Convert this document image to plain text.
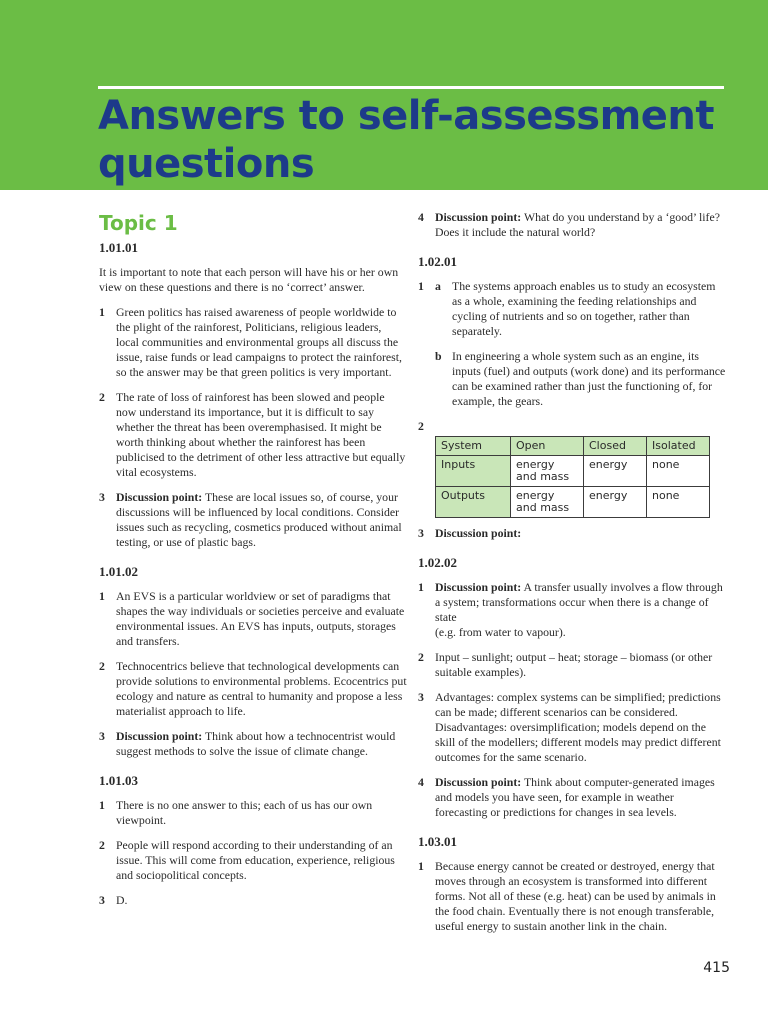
Answers to self-assessment questions
Topic 1
1.01.01
It is important to note that each person will have his or her own view on these questions and there is no ‘correct’ answer.
1 Green politics has raised awareness of people worldwide to the plight of the rainforest, Politicians, religious leaders, local communities and environmental groups all discuss the issue, raise funds or lead campaigns to protect the rainforest, so the answer may be that green politics is very important.
2 The rate of loss of rainforest has been slowed and people now understand its importance, but it is difficult to say whether the threat has been overemphasised. It might be worth thinking about whether the rainforest has been publicised to the detriment of other less attractive but equally vital ecosystems.
3 Discussion point: These are local issues so, of course, your discussions will be influenced by local conditions. Consider issues such as recycling, cosmetics produced without animal testing, or use of plastic bags.
1.01.02
1 An EVS is a particular worldview or set of paradigms that shapes the way individuals or societies perceive and evaluate environmental issues. An EVS has inputs, outputs, storages and transfers.
2 Technocentrics believe that technological developments can provide solutions to environmental problems. Ecocentrics put ecology and nature as central to humanity and propose a less materialist approach to life.
3 Discussion point: Think about how a technocentrist would suggest methods to solve the issue of climate change.
1.01.03
1 There is no one answer to this; each of us has our own viewpoint.
2 People will respond according to their understanding of an issue. This will come from education, experience, religious and sociopolitical concepts.
3 D.
4 Discussion point: What do you understand by a ‘good’ life? Does it include the natural world?
1.02.01
1 a The systems approach enables us to study an ecosystem as a whole, examining the feeding relationships and cycling of nutrients and so on together, rather than separately.
b In engineering a whole system such as an engine, its inputs (fuel) and outputs (work done) and its performance can be examined rather than just the functioning of, for example, the gears.
2
System	Open	Closed	Isolated
Inputs	energy and mass	energy	none
Outputs	energy and mass	energy	none
3 Discussion point:
1.02.02
1 Discussion point: A transfer usually involves a flow through a system; transformations occur when there is a change of state
(e.g. from water to vapour).
2 Input – sunlight; output – heat; storage – biomass (or other suitable examples).
3 Advantages: complex systems can be simplified; predictions can be made; different scenarios can be considered. Disadvantages: oversimplification; models depend on the skill of the modellers; different models may predict different outcomes for the same scenario.
4 Discussion point: Think about computer-generated images and models you have seen, for example in weather forecasting or predictions for changes in sea levels.
1.03.01
1 Because energy cannot be created or destroyed, energy that moves through an ecosystem is transformed into different forms. Not all of these (e.g. heat) can be used by animals in the food chain. Eventually there is not enough transferable, useful energy to sustain another link in the chain.
415
